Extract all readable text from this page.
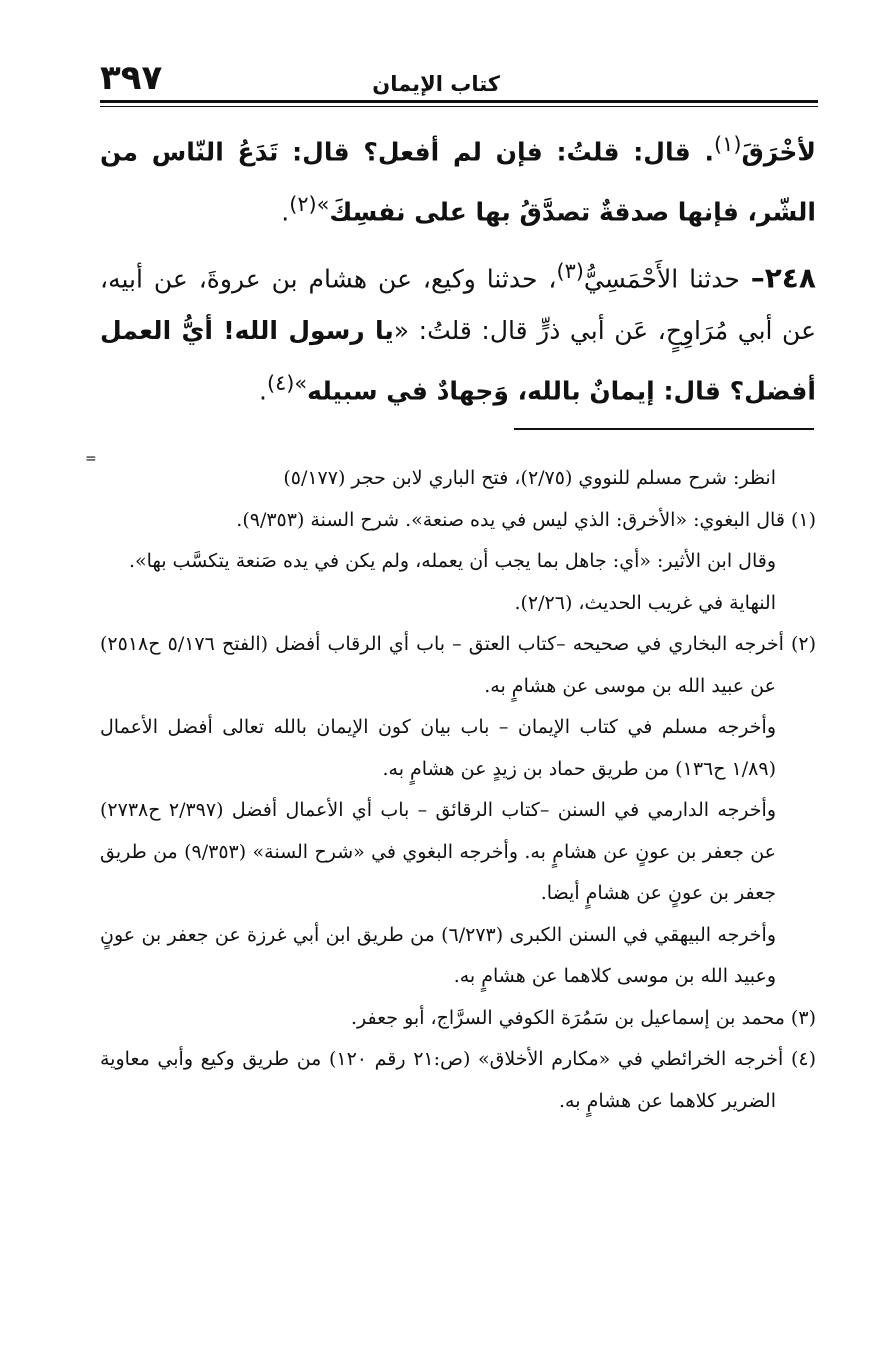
كتاب الإيمان
٣٩٧

لأخْرَقَ$^{(١)}$. قال: قلتُ: فإن لم أفعل؟ قال: تَدَعُ النّاس من الشّر، فإنها صدقةٌ تصدَّقُ بها على نفسِكَ$^{»(٢)}$.

٢٤٨– حدثنا الأَحْمَسِيُّ$^{(٣)}$، حدثنا وكيع، عن هشام بن عروةَ، عن أبيه، عن أبي مُرَاوِحٍ، عَن أبي ذرٍّ قال: قلتُ: «يا رسول الله! أيُّ العمل أفضل؟ قال: إيمانٌ بالله، وَجهادٌ في سبيله$^{»(٤)}$.

=

انظر: شرح مسلم للنووي (٢/٧٥)، فتح الباري لابن حجر (٥/١٧٧)

(١) قال البغوي: «الأخرق: الذي ليس في يده صنعة». شرح السنة (٩/٣٥٣).

وقال ابن الأثير: «أي: جاهل بما يجب أن يعمله، ولم يكن في يده صَنعة يتكسَّب بها».

النهاية في غريب الحديث، (٢/٢٦).

(٢) أخرجه البخاري في صحيحه –كتاب العتق – باب أي الرقاب أفضل (الفتح ٥/١٧٦ ح٢٥١٨) عن عبيد الله بن موسى عن هشامٍ به.

وأخرجه مسلم في كتاب الإيمان – باب بيان كون الإيمان بالله تعالى أفضل الأعمال (١/٨٩ ح١٣٦) من طريق حماد بن زيدٍ عن هشامٍ به.

وأخرجه الدارمي في السنن –كتاب الرقائق – باب أي الأعمال أفضل (٢/٣٩٧ ح٢٧٣٨) عن جعفر بن عونٍ عن هشامٍ به. وأخرجه البغوي في «شرح السنة» (٩/٣٥٣) من طريق جعفر بن عونٍ عن هشامٍ أيضا.

وأخرجه البيهقي في السنن الكبرى (٦/٢٧٣) من طريق ابن أبي غرزة عن جعفر بن عونٍ وعبيد الله بن موسى كلاهما عن هشامٍ به.

(٣) محمد بن إسماعيل بن سَمُرَة الكوفي السرَّاج، أبو جعفر.

(٤) أخرجه الخرائطي في «مكارم الأخلاق» (ص:٢١ رقم ١٢٠) من طريق وكيع وأبي معاوية الضرير كلاهما عن هشامٍ به.
